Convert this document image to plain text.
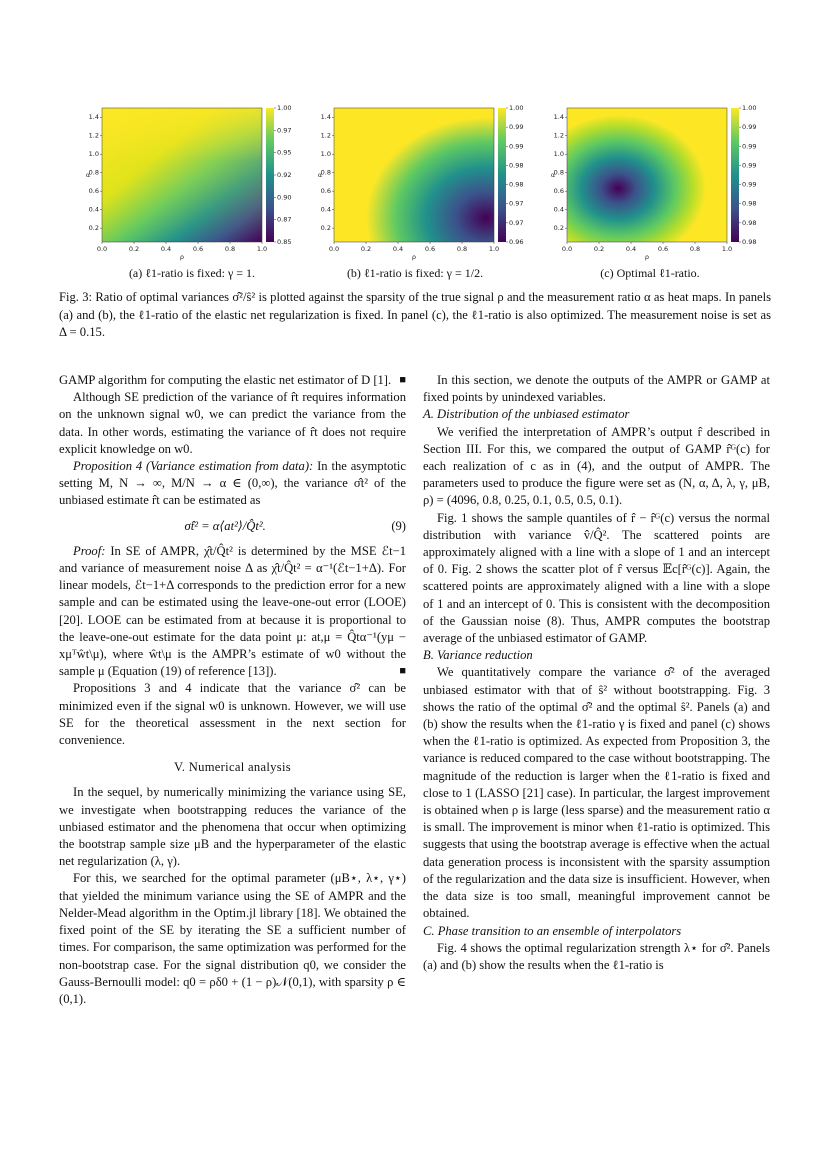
0.0	0.2	0.4	0.6	0.8	1.0
0.2
0.4
0.6
0.8
1.0
1.2
1.4
ρ
α
1.00
0.97
0.95
0.92
0.90
0.87
0.85
0.0	0.2	0.4	0.6	0.8	1.0
0.2
0.4
0.6
0.8
1.0
1.2
1.4
ρ
α
1.00
0.99
0.99
0.98
0.98
0.97
0.97
0.96
0.0	0.2	0.4	0.6	0.8	1.0
0.2
0.4
0.6
0.8
1.0
1.2
1.4
ρ
α
1.00
0.99
0.99
0.99
0.99
0.98
0.98
0.98
(a) ℓ1-ratio is fixed: γ = 1.	(b) ℓ1-ratio is fixed: γ = 1/2.	(c) Optimal ℓ1-ratio.
Fig. 3: Ratio of optimal variances σ̂²/ŝ² is plotted against the sparsity of the true signal ρ and the measurement ratio α as heat maps. In panels (a) and (b), the ℓ1-ratio of the elastic net regularization is fixed. In panel (c), the ℓ1-ratio is also optimized. The measurement noise is set as Δ = 0.15.

GAMP algorithm for computing the elastic net estimator of D [1]. ■

Although SE prediction of the variance of r̂t requires information on the unknown signal w0, we can predict the variance from the data. In other words, estimating the variance of r̂t does not require explicit knowledge on w0.

Proposition 4 (Variance estimation from data): In the asymptotic setting M, N → ∞, M/N → α ∈ (0,∞), the variance σ̂t² of the unbiased estimate r̂t can be estimated as

σ̂t² = α⟨at²⟩/Q̂t².	(9)

Proof: In SE of AMPR, χ̂t/Q̂t² is determined by the MSE ℰt−1 and variance of measurement noise Δ as χ̂t/Q̂t² = α⁻¹(ℰt−1+Δ). For linear models, ℰt−1+Δ corresponds to the prediction error for a new sample and can be estimated using the leave-one-out error (LOOE) [20]. LOOE can be estimated from at because it is proportional to the leave-one-out estimate for the data point μ: at,μ = Q̂tα⁻¹(yμ − xμᵀŵt\μ), where ŵt\μ is the AMPR’s estimate of w0 without the sample μ (Equation (19) of reference [13]).	■

Propositions 3 and 4 indicate that the variance σ̂² can be minimized even if the signal w0 is unknown. However, we will use SE for the theoretical assessment in the next section for convenience.

V. Numerical analysis

In the sequel, by numerically minimizing the variance using SE, we investigate when bootstrapping reduces the variance of the unbiased estimator and the phenomena that occur when optimizing the bootstrap sample size μB and the hyperparameter of the elastic net regularization (λ, γ).

For this, we searched for the optimal parameter (μB⋆, λ⋆, γ⋆) that yielded the minimum variance using the SE of AMPR and the Nelder-Mead algorithm in the Optim.jl library [18]. We obtained the fixed point of the SE by iterating the SE a sufficient number of times. For comparison, the same optimization was performed for the non-bootstrap case. For the signal distribution q0, we consider the Gauss-Bernoulli model: q0 = ρδ0 + (1 − ρ)𝒩(0,1), with sparsity ρ ∈ (0,1).

In this section, we denote the outputs of the AMPR or GAMP at fixed points by unindexed variables.

A. Distribution of the unbiased estimator

We verified the interpretation of AMPR’s output r̂ described in Section III. For this, we compared the output of GAMP r̂ᴳ(c) for each realization of c as in (4), and the output of AMPR. The parameters used to produce the figure were set as (N, α, Δ, λ, γ, μB, ρ) = (4096, 0.8, 0.25, 0.1, 0.5, 0.5, 0.1).

Fig. 1 shows the sample quantiles of r̂ − r̂ᴳ(c) versus the normal distribution with variance v̂/Q̂². The scattered points are approximately aligned with a line with a slope of 1 and an intercept of 0. Fig. 2 shows the scatter plot of r̂ versus 𝔼c[r̂ᴳ(c)]. Again, the scattered points are approximately aligned with a line with a slope of 1 and an intercept of 0. This is consistent with the decomposition of the Gaussian noise (8). Thus, AMPR computes the bootstrap average of the unbiased estimator of GAMP.

B. Variance reduction

We quantitatively compare the variance σ̂² of the averaged unbiased estimator with that of ŝ² without bootstrapping. Fig. 3 shows the ratio of the optimal σ̂² and the optimal ŝ². Panels (a) and (b) show the results when the ℓ1-ratio γ is fixed and panel (c) shows when the ℓ1-ratio is optimized. As expected from Proposition 3, the variance is reduced compared to the case without bootstrapping. The magnitude of the reduction is larger when the ℓ1-ratio is fixed and close to 1 (LASSO [21] case). In particular, the largest improvement is obtained when ρ is large (less sparse) and the measurement ratio α is small. The improvement is minor when ℓ1-ratio is optimized. This suggests that using the bootstrap average is effective when the actual data generation process is inconsistent with the sparsity assumption of the regularization and the data size is insufficient. However, when the data size is too small, meaningful improvement cannot be obtained.

C. Phase transition to an ensemble of interpolators

Fig. 4 shows the optimal regularization strength λ⋆ for σ̂². Panels (a) and (b) show the results when the ℓ1-ratio is
